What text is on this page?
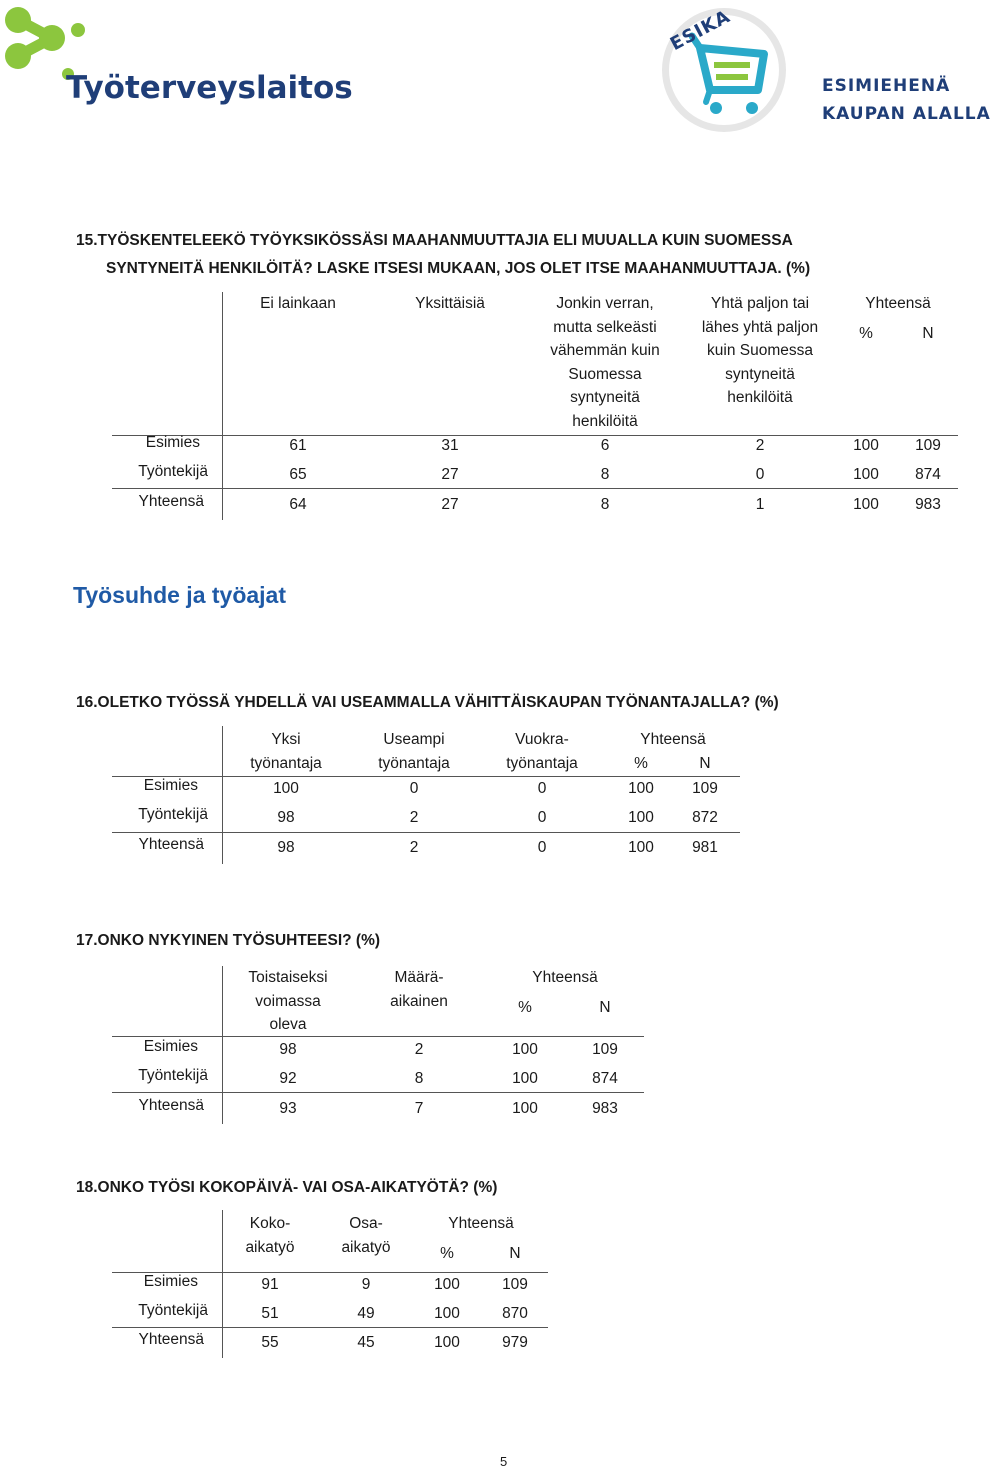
Työterveyslaitos
ESIKA
ESIMIEHENÄ
KAUPAN ALALLA
15.TYÖSKENTELEEKÖ TYÖYKSIKÖSSÄSI MAAHANMUUTTAJIA ELI MUUALLA KUIN SUOMESSA
SYNTYNEITÄ HENKILÖITÄ? LASKE ITSESI MUKAAN, JOS OLET ITSE MAAHANMUUTTAJA. (%)
Ei lainkaan	Yksittäisiä	Jonkin verran,
mutta selkeästi
vähemmän kuin
Suomessa
syntyneitä
henkilöitä
Yhtä paljon tai
lähes yhtä paljon
kuin Suomessa
syntyneitä
henkilöitä
Yhteensä
%	N
Esimies	61	31	6	2	100	109
Työntekijä	65	27	8	0	100	874
Yhteensä	64	27	8	1	100	983
Työsuhde ja työajat
16.OLETKO TYÖSSÄ YHDELLÄ VAI USEAMMALLA VÄHITTÄISKAUPAN TYÖNANTAJALLA? (%)
Yksi
työnantaja
Useampi
työnantaja
Vuokra-
työnantaja
Yhteensä
%	N
Esimies	100	0	0	100	109
Työntekijä	98	2	0	100	872
Yhteensä	98	2	0	100	981
17.ONKO NYKYINEN TYÖSUHTEESI? (%)
Toistaiseksi
voimassa
oleva
Määrä-
aikainen
Yhteensä
%	N
Esimies	98	2	100	109
Työntekijä	92	8	100	874
Yhteensä	93	7	100	983
18.ONKO TYÖSI KOKOPÄIVÄ- VAI OSA-AIKATYÖTÄ? (%)
Koko-
aikatyö
Osa-
aikatyö
Yhteensä
%	N
Esimies	91	9	100	109
Työntekijä	51	49	100	870
Yhteensä	55	45	100	979
5
